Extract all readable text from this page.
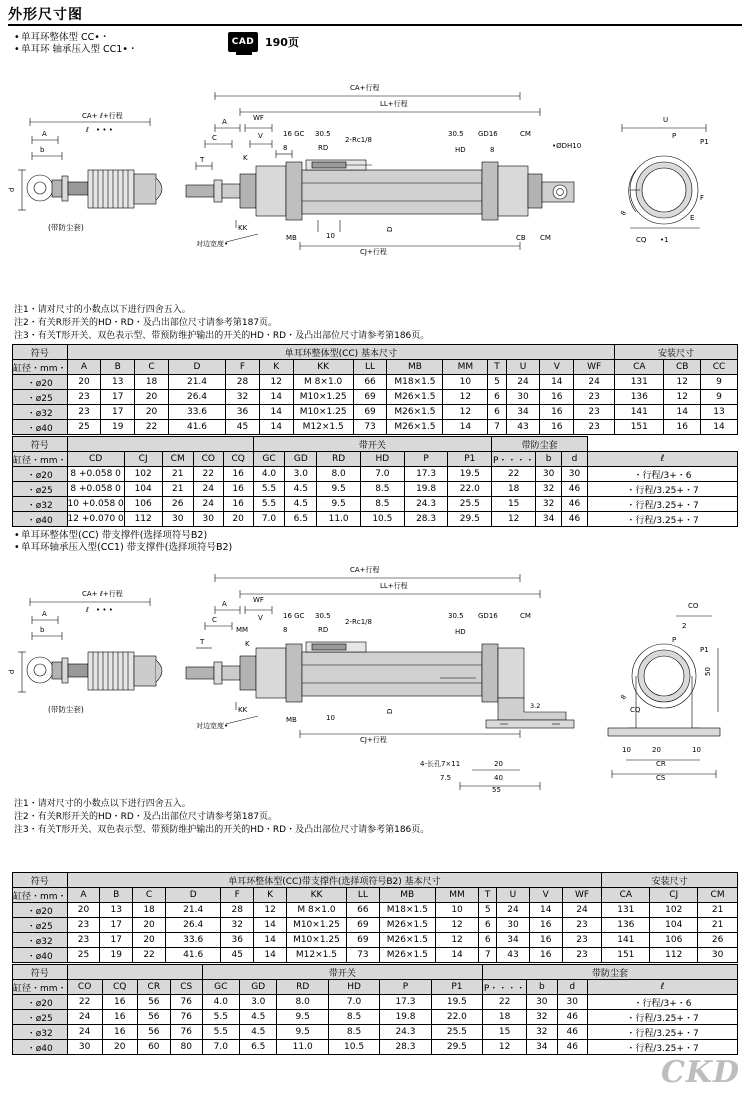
外形尺寸图
•单耳环整体型 CC•・
•单耳环 轴承压入型 CC1•・
CAD 190页
CA+ ℓ+行程
A	ℓ • • •
b
d
(带防尘套)
CA+行程
LL+行程
A	WF
C	V	16 GC 30.5
8	RD
2-Rc1/8
T	K
30.5 GD16	CM
HD	8	•ØDH10
KK
对边宽度•
MB	10
D
CJ+行程
CB CM
U
P1
P
8
F
E
CQ •1
注1・请对尺寸的小数点以下进行四舍五入。
注2・有关R形开关的HD・RD・及凸出部位尺寸请参考第187页。
注3・有关T形开关、双色表示型、带预防维护输出的开关的HD・RD・及凸出部位尺寸请参考第186页。
符号	单耳环整体型(CC) 基本尺寸														安装尺寸		
缸径・mm・	A	B	C	D	F	K	KK	LL	MB	MM	T	U	V	WF	CA	CB	CC
・ø20	20	13	18	21.4	28	12	M 8×1.0	66	M18×1.5	10	5	24	14	24	131	12	9
・ø25	23	17	20	26.4	32	14	M10×1.25	69	M26×1.5	12	6	30	16	23	136	12	9
・ø32	23	17	20	33.6	36	14	M10×1.25	69	M26×1.5	12	6	34	16	23	141	14	13
・ø40	25	19	22	41.6	45	14	M12×1.5	73	M26×1.5	14	7	43	16	23	151	16	14
符号						带开关						带防尘套			
缸径・mm・	CD	CJ	CM	CO	CQ	GC	GD	RD	HD	P	P1	P・・・・	b	d	ℓ
・ø20	8 +0.058 0	102	21	22	16	4.0	3.0	8.0	7.0	17.3	19.5	22	30	30	・行程/3+・6
・ø25	8 +0.058 0	104	21	24	16	5.5	4.5	9.5	8.5	19.8	22.0	18	32	46	・行程/3.25+・7
・ø32	10 +0.058 0	106	26	24	16	5.5	4.5	9.5	8.5	24.3	25.5	15	32	46	・行程/3.25+・7
・ø40	12 +0.070 0	112	30	30	20	7.0	6.5	11.0	10.5	28.3	29.5	12	34	46	・行程/3.25+・7
•单耳环整体型(CC) 带支撑件(选择项符号B2)
•单耳环轴承压入型(CC1) 带支撑件(选择项符号B2)
CA+ ℓ+行程
A	ℓ • • •
b
d
(带防尘套)
CA+行程
LL+行程
A	WF
C	V	16 GC 30.5
MM	8	RD
2-Rc1/8
K
T
30.5 GD16	CM
HD
KK
对边宽度•
MB	10
D
CJ+行程
3.2
4-长孔7×11	20
7.5	40
55
CO
2
P
P1
8
50
10	20	10
CR
CS
CQ
注1・请对尺寸的小数点以下进行四舍五入。
注2・有关R形开关的HD・RD・及凸出部位尺寸请参考第187页。
注3・有关T形开关、双色表示型、带预防维护输出的开关的HD・RD・及凸出部位尺寸请参考第186页。
符号	单耳环整体型(CC)带支撑件(选择项符号B2) 基本尺寸														安装尺寸		
缸径・mm・	A	B	C	D	F	K	KK	LL	MB	MM	T	U	V	WF	CA	CJ	CM
・ø20	20	13	18	21.4	28	12	M 8×1.0	66	M18×1.5	10	5	24	14	24	131	102	21
・ø25	23	17	20	26.4	32	14	M10×1.25	69	M26×1.5	12	6	30	16	23	136	104	21
・ø32	23	17	20	33.6	36	14	M10×1.25	69	M26×1.5	12	6	34	16	23	141	106	26
・ø40	25	19	22	41.6	45	14	M12×1.5	73	M26×1.5	14	7	43	16	23	151	112	30
符号					带开关						带防尘套			
缸径・mm・	CO	CQ	CR	CS	GC	GD	RD	HD	P	P1	P・・・・	b	d	ℓ
・ø20	22	16	56	76	4.0	3.0	8.0	7.0	17.3	19.5	22	30	30	・行程/3+・6
・ø25	24	16	56	76	5.5	4.5	9.5	8.5	19.8	22.0	18	32	46	・行程/3.25+・7
・ø32	24	16	56	76	5.5	4.5	9.5	8.5	24.3	25.5	15	32	46	・行程/3.25+・7
・ø40	30	20	60	80	7.0	6.5	11.0	10.5	28.3	29.5	12	34	46	・行程/3.25+・7
CKD
